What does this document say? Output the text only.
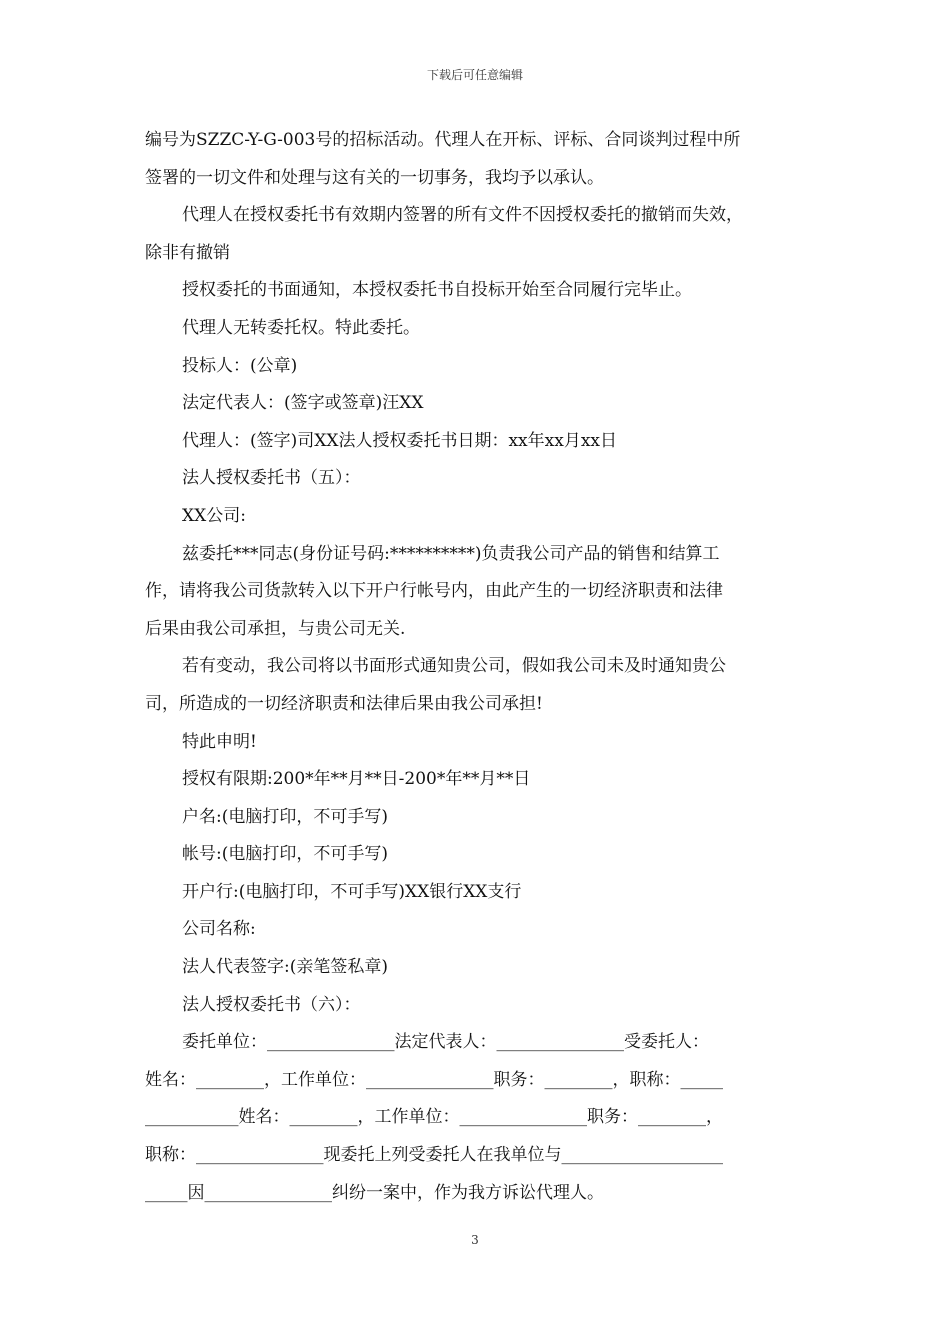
下载后可任意编辑

编号为SZZC-Y-G-003号的招标活动。代理人在开标、评标、合同谈判过程中所

签署的一切文件和处理与这有关的一切事务，我均予以承认。

代理人在授权委托书有效期内签署的所有文件不因授权委托的撤销而失效，

除非有撤销

授权委托的书面通知，本授权委托书自投标开始至合同履行完毕止。

代理人无转委托权。特此委托。

投标人：(公章)

法定代表人：(签字或签章)汪XX

代理人：(签字)司XX法人授权委托书日期：xx年xx月xx日

法人授权委托书（五）：

XX公司:

兹委托***同志(身份证号码:**********)负责我公司产品的销售和结算工

作，请将我公司货款转入以下开户行帐号内，由此产生的一切经济职责和法律

后果由我公司承担，与贵公司无关.

若有变动，我公司将以书面形式通知贵公司，假如我公司未及时通知贵公

司，所造成的一切经济职责和法律后果由我公司承担!

特此申明!

授权有限期:200*年**月**日-200*年**月**日

户名:(电脑打印，不可手写)

帐号:(电脑打印，不可手写)

开户行:(电脑打印，不可手写)XX银行XX支行

公司名称:

法人代表签字:(亲笔签私章)

法人授权委托书（六）：

委托单位：_______________法定代表人：_______________受委托人：

姓名：________，工作单位：_______________职务：________，职称：_____

___________姓名：________，工作单位：_______________职务：________，

职称：_______________现委托上列受委托人在我单位与___________________

_____因_______________纠纷一案中，作为我方诉讼代理人。

3
